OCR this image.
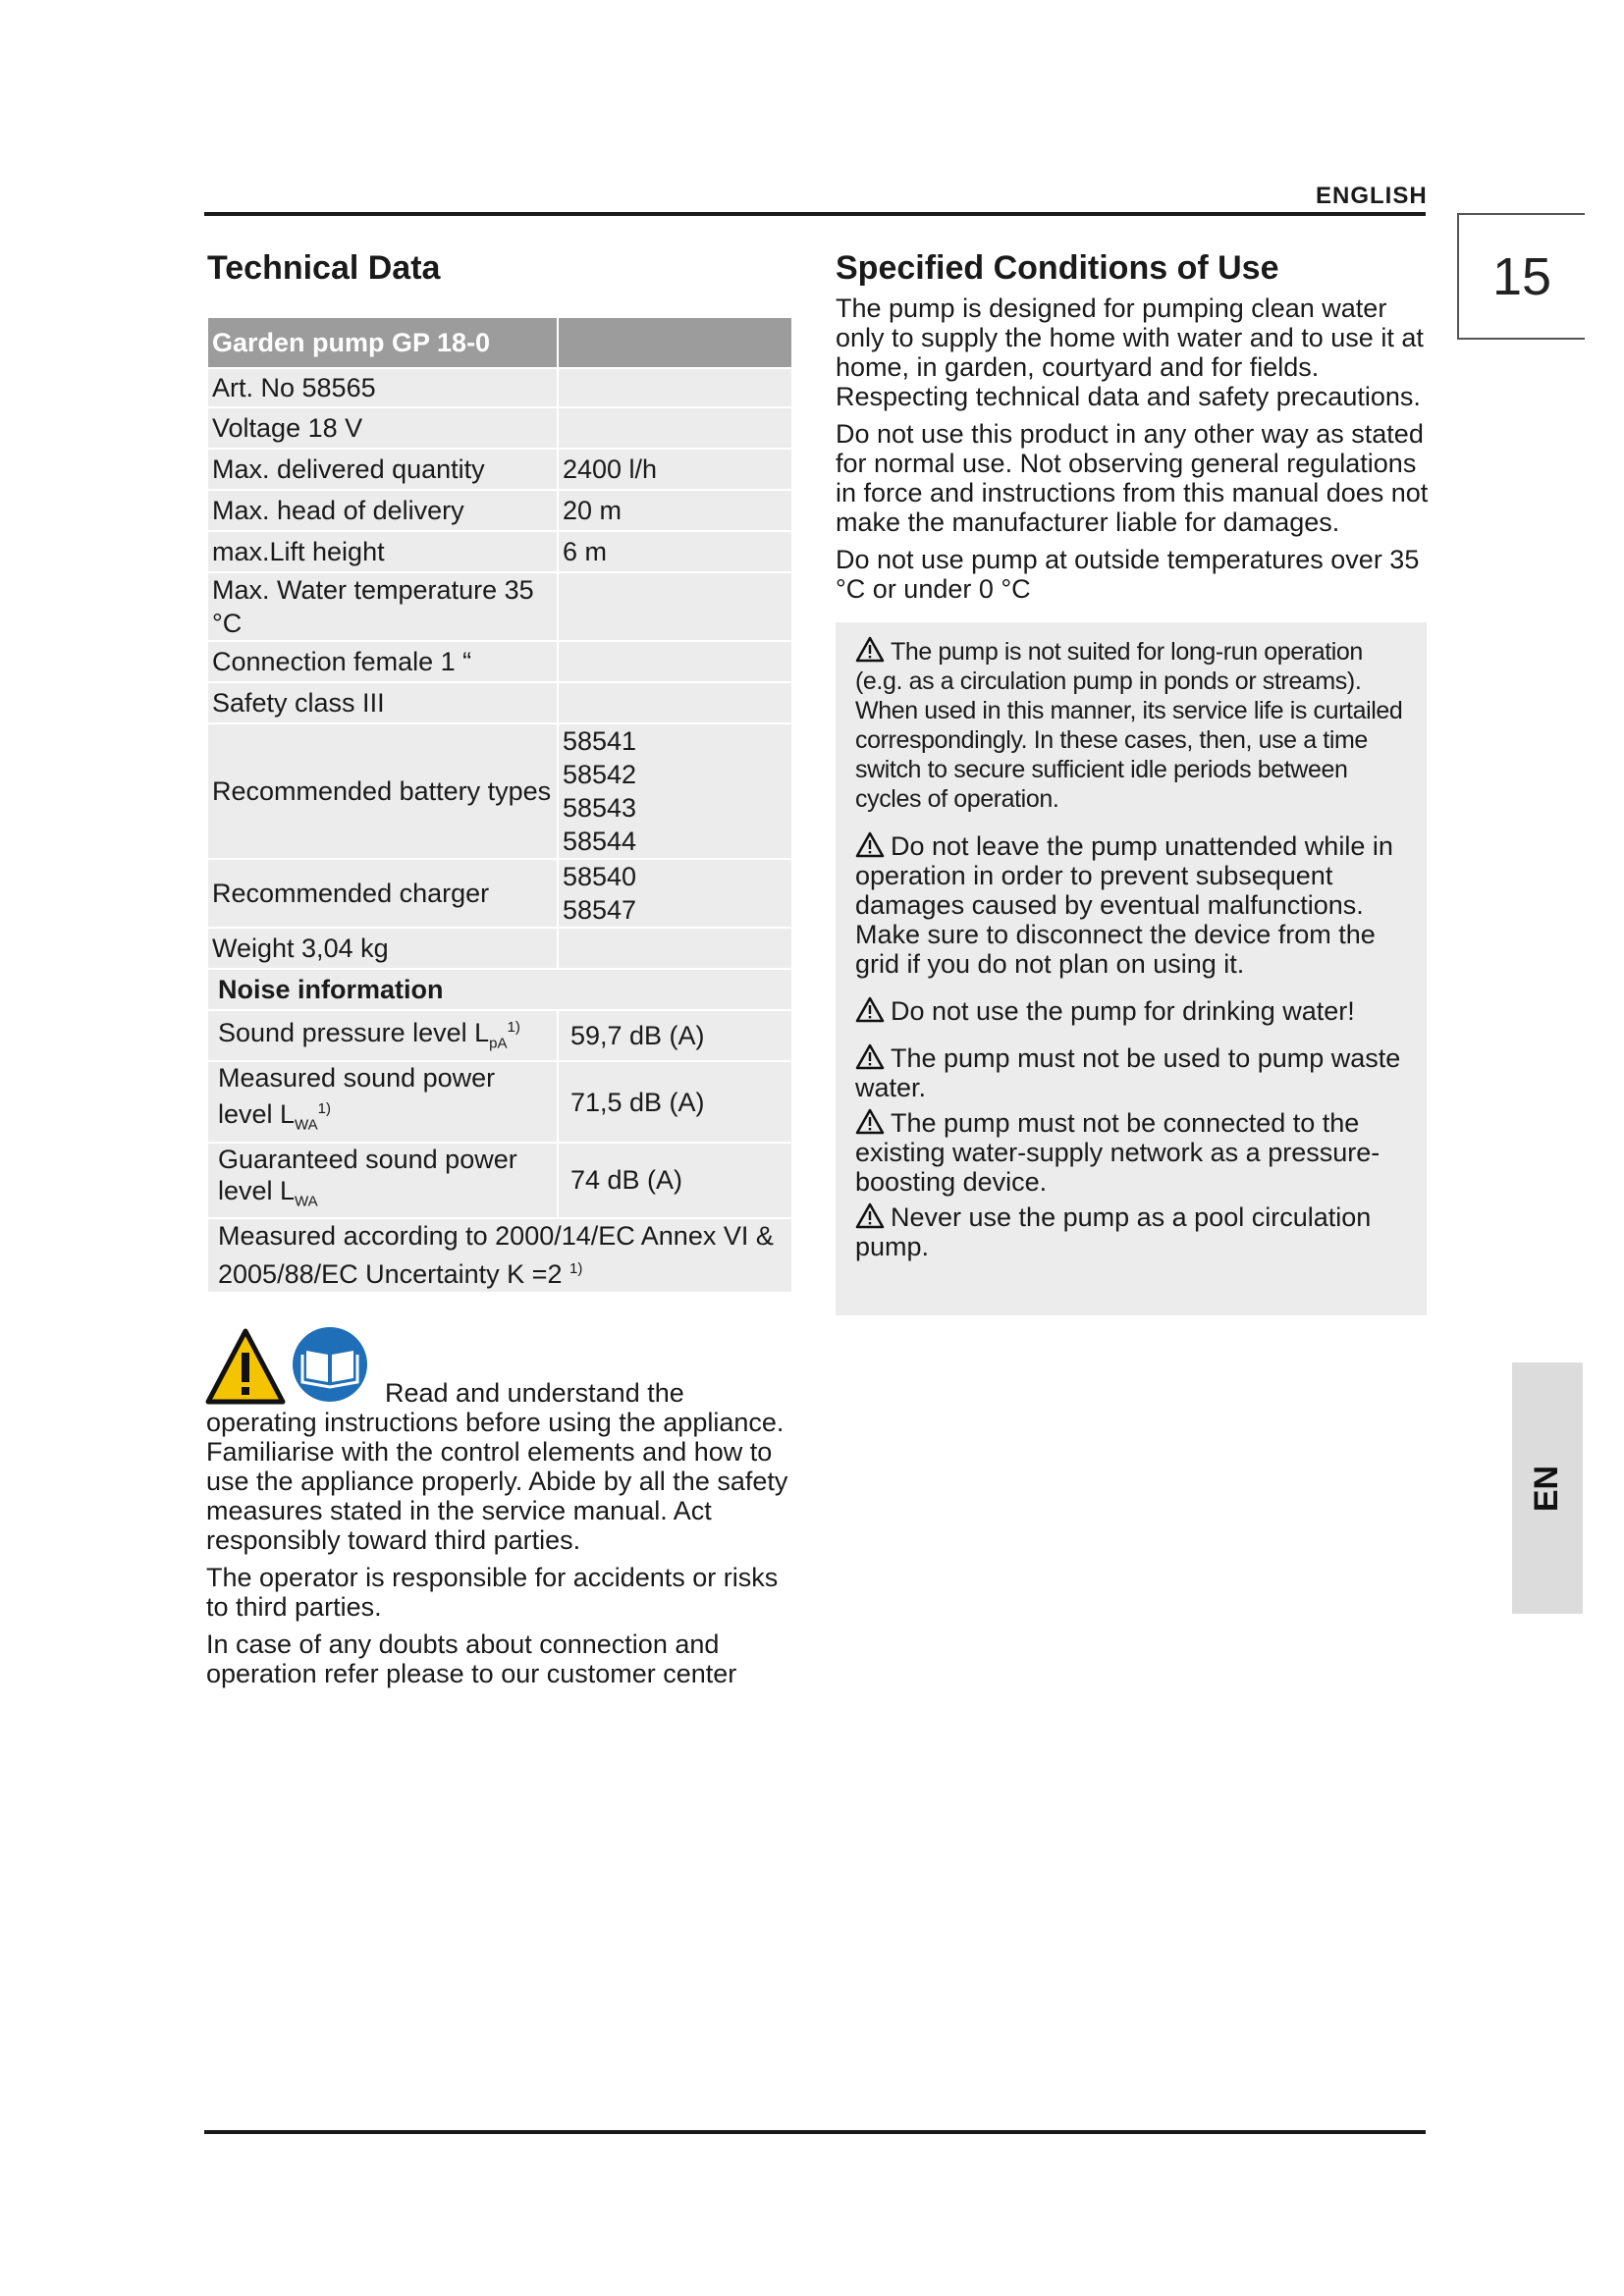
ENGLISH
15
EN
Technical Data
Garden pump GP 18-0	
Art. No 58565	
Voltage 18 V	
Max. delivered quantity	2400 l/h
Max. head of delivery	20 m
max.Lift height	6 m
Max. Water temperature 35 °C	
Connection female 1 “	
Safety class III	
Recommended battery types	58541
58542
58543
58544

Recommended charger	58540
58547

Weight 3,04 kg	
Noise information	
Sound pressure level $L_{pA}^{1)}$	59,7 dB (A)
Measured sound power
level $L_{WA}^{1)}$	71,5 dB (A)
Guaranteed sound power
level $L_{WA}$	74 dB (A)
Measured according to 2000/14/EC Annex VI &
2005/88/EC Uncertainty K =2 $^{1)}$

Read and understand the operating instructions before using the appliance. Familiarise with the control elements and how to use the appliance properly. Abide by all the safety measures stated in the service manual. Act responsibly toward third parties.

The operator is responsible for accidents or risks to third parties.

In case of any doubts about connection and operation refer please to our customer center

Specified Conditions of Use

The pump is designed for pumping clean water only to supply the home with water and to use it at home, in garden, courtyard and for fields. Respecting technical data and safety precautions.

Do not use this product in any other way as stated for normal use. Not observing general regulations in force and instructions from this manual does not make the manufacturer liable for damages.

Do not use pump at outside temperatures over 35 °C or under 0 °C

The pump is not suited for long-run operation (e.g. as a circulation pump in ponds or streams). When used in this manner, its service life is curtailed correspondingly. In these cases, then, use a time switch to secure sufficient idle periods between cycles of operation.

Do not leave the pump unattended while in operation in order to prevent subsequent damages caused by eventual malfunctions. Make sure to disconnect the device from the grid if you do not plan on using it.

Do not use the pump for drinking water!

The pump must not be used to pump waste water.

The pump must not be connected to the existing water-supply network as a pressure-boosting device.

Never use the pump as a pool circulation pump.
